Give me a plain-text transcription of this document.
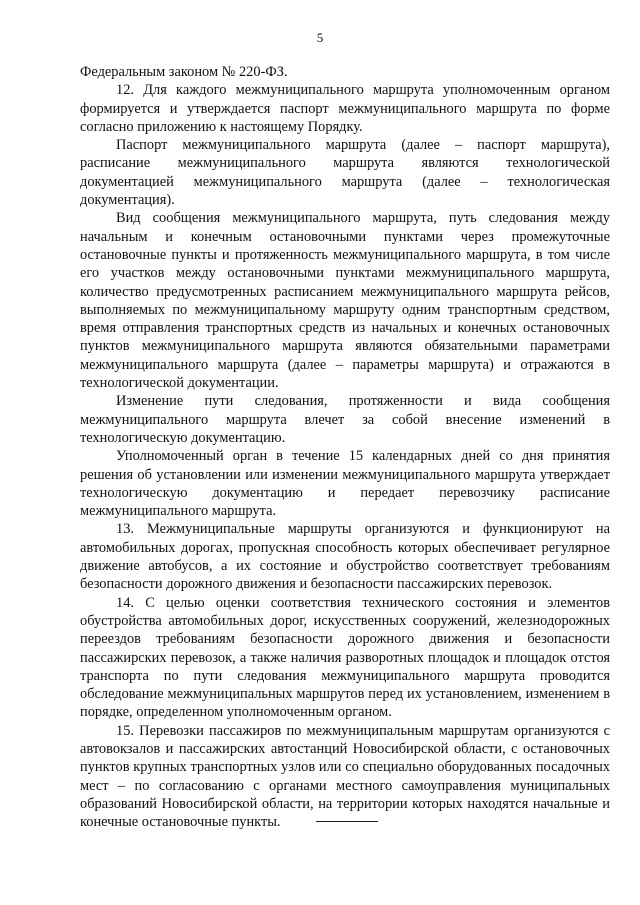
5

Федеральным законом № 220-ФЗ.

12. Для каждого межмуниципального маршрута уполномоченным органом формируется и утверждается паспорт межмуниципального маршрута по форме согласно приложению к настоящему Порядку.

Паспорт межмуниципального маршрута (далее – паспорт маршрута), расписание межмуниципального маршрута являются технологической документацией межмуниципального маршрута (далее – технологическая документация).

Вид сообщения межмуниципального маршрута, путь следования между начальным и конечным остановочными пунктами через промежуточные остановочные пункты и протяженность межмуниципального маршрута, в том числе его участков между остановочными пунктами межмуниципального маршрута, количество предусмотренных расписанием межмуниципального маршрута рейсов, выполняемых по межмуниципальному маршруту одним транспортным средством, время отправления транспортных средств из начальных и конечных остановочных пунктов межмуниципального маршрута являются обязательными параметрами межмуниципального маршрута (далее – параметры маршрута) и отражаются в технологической документации.

Изменение пути следования, протяженности и вида сообщения межмуниципального маршрута влечет за собой внесение изменений в технологическую документацию.

Уполномоченный орган в течение 15 календарных дней со дня принятия решения об установлении или изменении межмуниципального маршрута утверждает технологическую документацию и передает перевозчику расписание межмуниципального маршрута.

13. Межмуниципальные маршруты организуются и функционируют на автомобильных дорогах, пропускная способность которых обеспечивает регулярное движение автобусов, а их состояние и обустройство соответствует требованиям безопасности дорожного движения и безопасности пассажирских перевозок.

14. С целью оценки соответствия технического состояния и элементов обустройства автомобильных дорог, искусственных сооружений, железнодорожных переездов требованиям безопасности дорожного движения и безопасности пассажирских перевозок, а также наличия разворотных площадок и площадок отстоя транспорта по пути следования межмуниципального маршрута проводится обследование межмуниципальных маршрутов перед их установлением, изменением в порядке, определенном уполномоченным органом.

15. Перевозки пассажиров по межмуниципальным маршрутам организуются с автовокзалов и пассажирских автостанций Новосибирской области, с остановочных пунктов крупных транспортных узлов или со специально оборудованных посадочных мест – по согласованию с органами местного самоуправления муниципальных образований Новосибирской области, на территории которых находятся начальные и конечные остановочные пункты.
